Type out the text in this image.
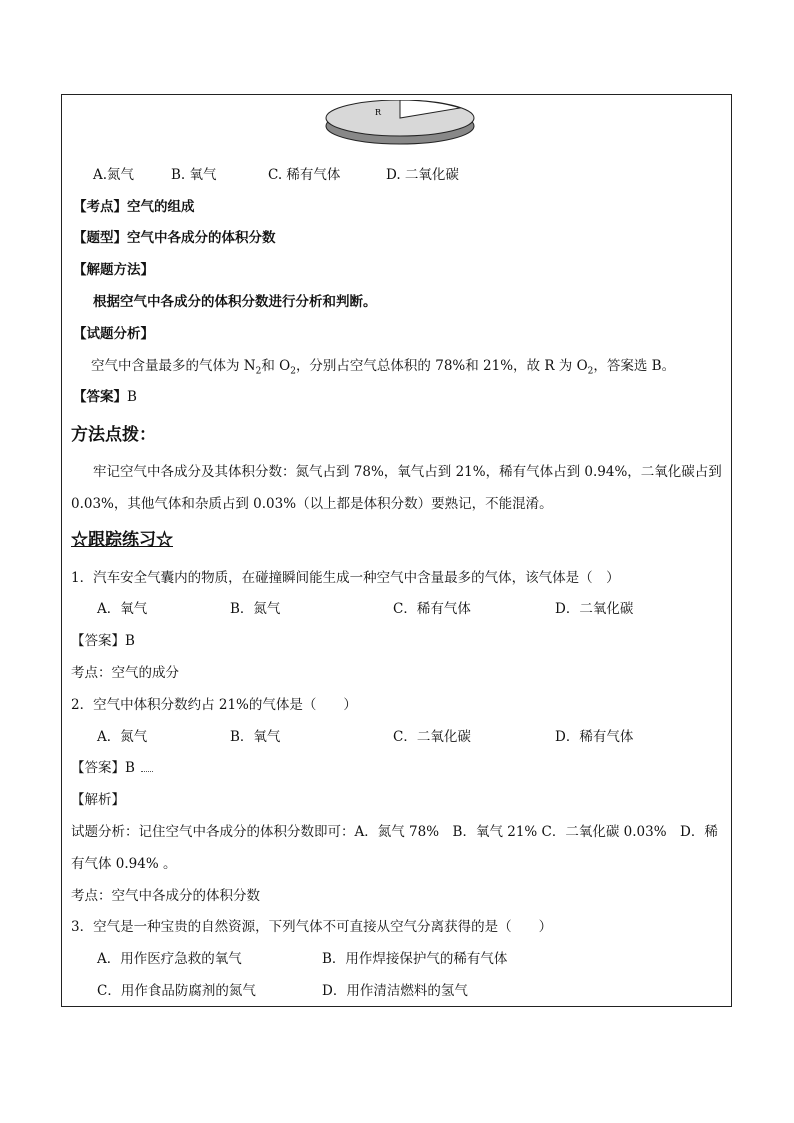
R
A.氮气	B. 氧气	C. 稀有气体	D. 二氧化碳
【考点】空气的组成
【题型】空气中各成分的体积分数
【解题方法】
根据空气中各成分的体积分数进行分析和判断。
【试题分析】
空气中含量最多的气体为 $N_2$和 $O_2$，分别占空气总体积的 78%和 21%，故 R 为 $O_2$，答案选 B。
【答案】B
方法点拨：
牢记空气中各成分及其体积分数：氮气占到 78%，氧气占到 21%，稀有气体占到 0.94%，二氧化碳占到
0.03%，其他气体和杂质占到 0.03%（以上都是体积分数）要熟记，不能混淆。
☆跟踪练习☆
1．汽车安全气囊内的物质，在碰撞瞬间能生成一种空气中含量最多的气体，该气体是（　）
A．氧气	B．氮气	C．稀有气体	D．二氧化碳
【答案】B
考点：空气的成分
2．空气中体积分数约占 21%的气体是（　　）
A．氮气	B．氧气	C．二氧化碳	D．稀有气体
【答案】B
【解析】
试题分析：记住空气中各成分的体积分数即可：A．氮气 78%　B．氧气 21% C．二氧化碳 0.03%　D．稀
有气体 0.94% 。
考点：空气中各成分的体积分数
3．空气是一种宝贵的自然资源，下列气体不可直接从空气分离获得的是（　　）
A．用作医疗急救的氧气	B．用作焊接保护气的稀有气体
C．用作食品防腐剂的氮气	D．用作清洁燃料的氢气
